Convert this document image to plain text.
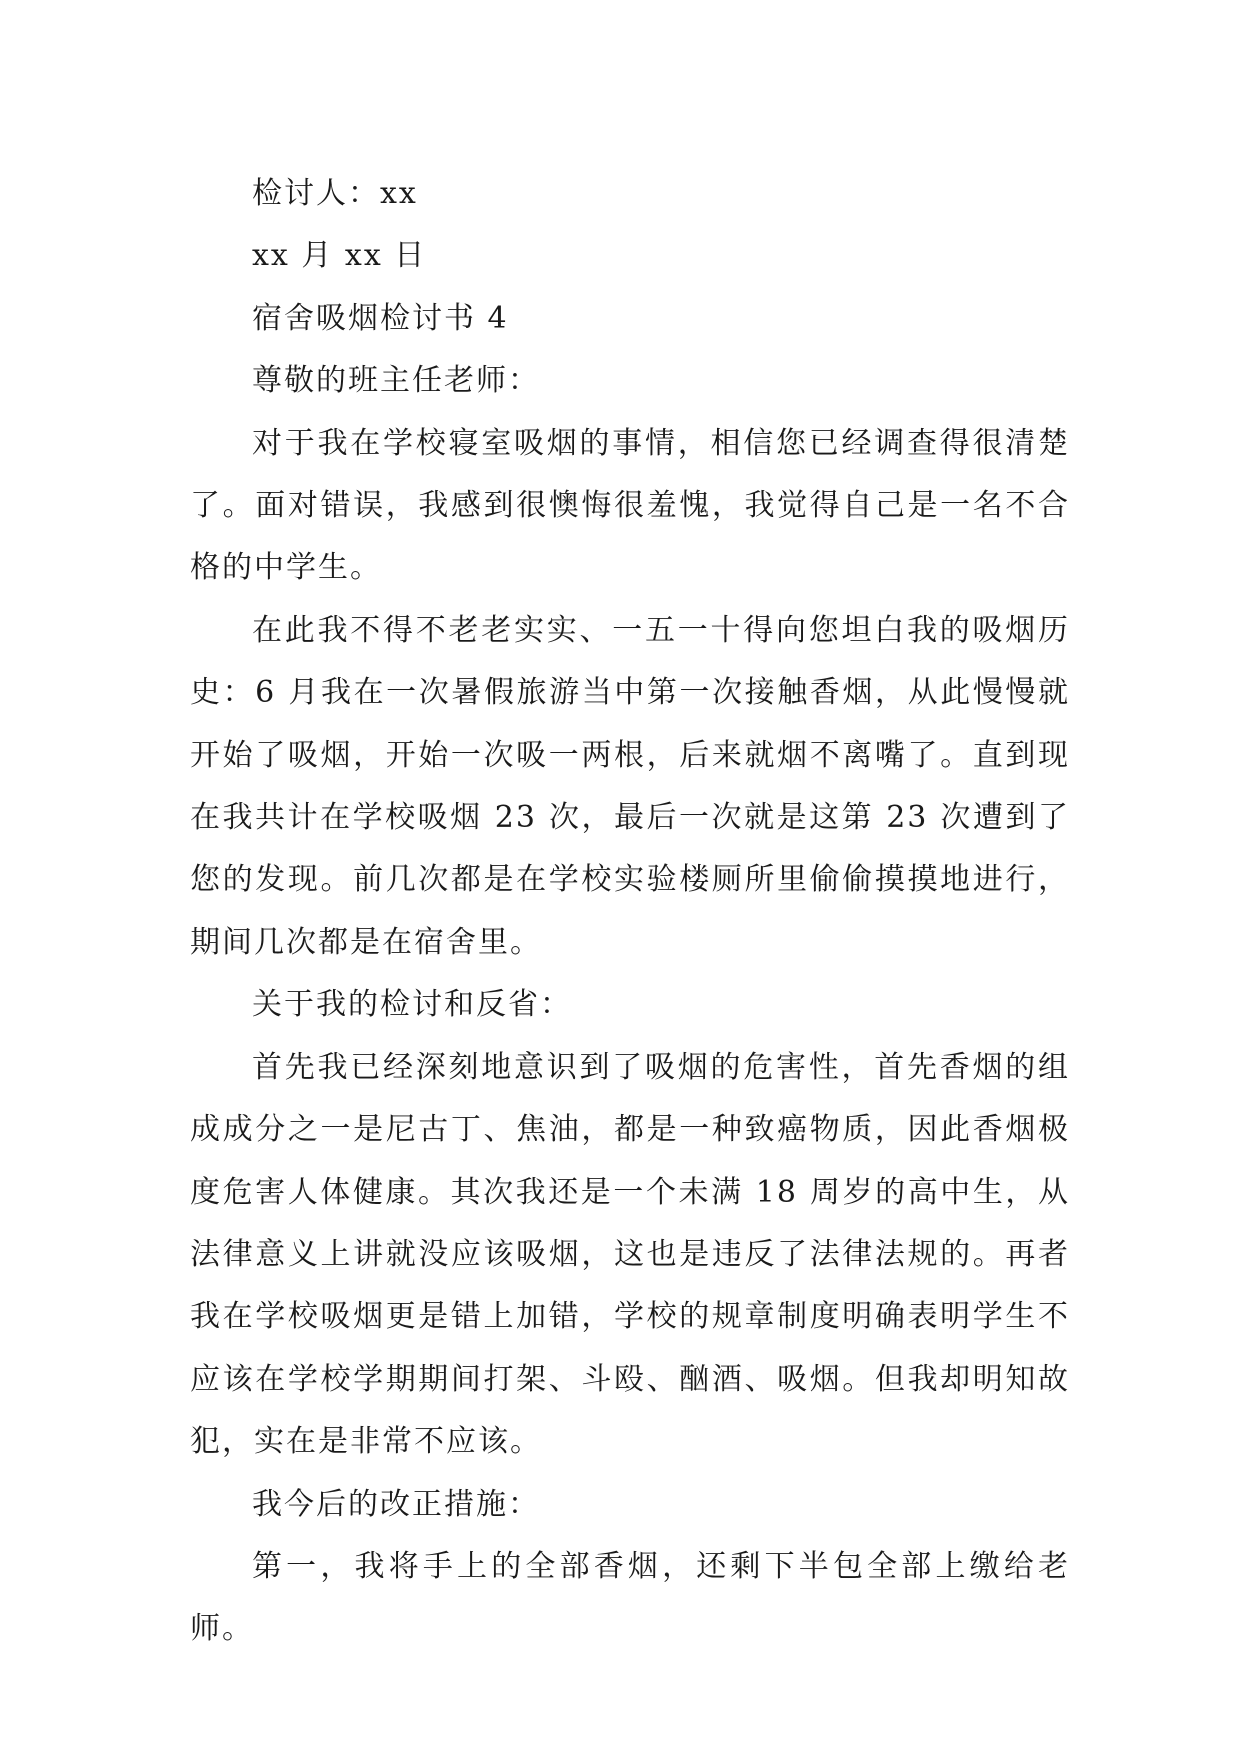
检讨人：xx

xx 月 xx 日

宿舍吸烟检讨书 4

尊敬的班主任老师：

对于我在学校寝室吸烟的事情，相信您已经调查得很清楚了。面对错误，我感到很懊悔很羞愧，我觉得自己是一名不合格的中学生。

在此我不得不老老实实、一五一十得向您坦白我的吸烟历史：6 月我在一次暑假旅游当中第一次接触香烟，从此慢慢就开始了吸烟，开始一次吸一两根，后来就烟不离嘴了。直到现在我共计在学校吸烟 23 次，最后一次就是这第 23 次遭到了您的发现。前几次都是在学校实验楼厕所里偷偷摸摸地进行，期间几次都是在宿舍里。

关于我的检讨和反省：

首先我已经深刻地意识到了吸烟的危害性，首先香烟的组成成分之一是尼古丁、焦油，都是一种致癌物质，因此香烟极度危害人体健康。其次我还是一个未满 18 周岁的高中生，从法律意义上讲就没应该吸烟，这也是违反了法律法规的。再者我在学校吸烟更是错上加错，学校的规章制度明确表明学生不应该在学校学期期间打架、斗殴、酗酒、吸烟。但我却明知故犯，实在是非常不应该。

我今后的改正措施：

第一，我将手上的全部香烟，还剩下半包全部上缴给老师。
